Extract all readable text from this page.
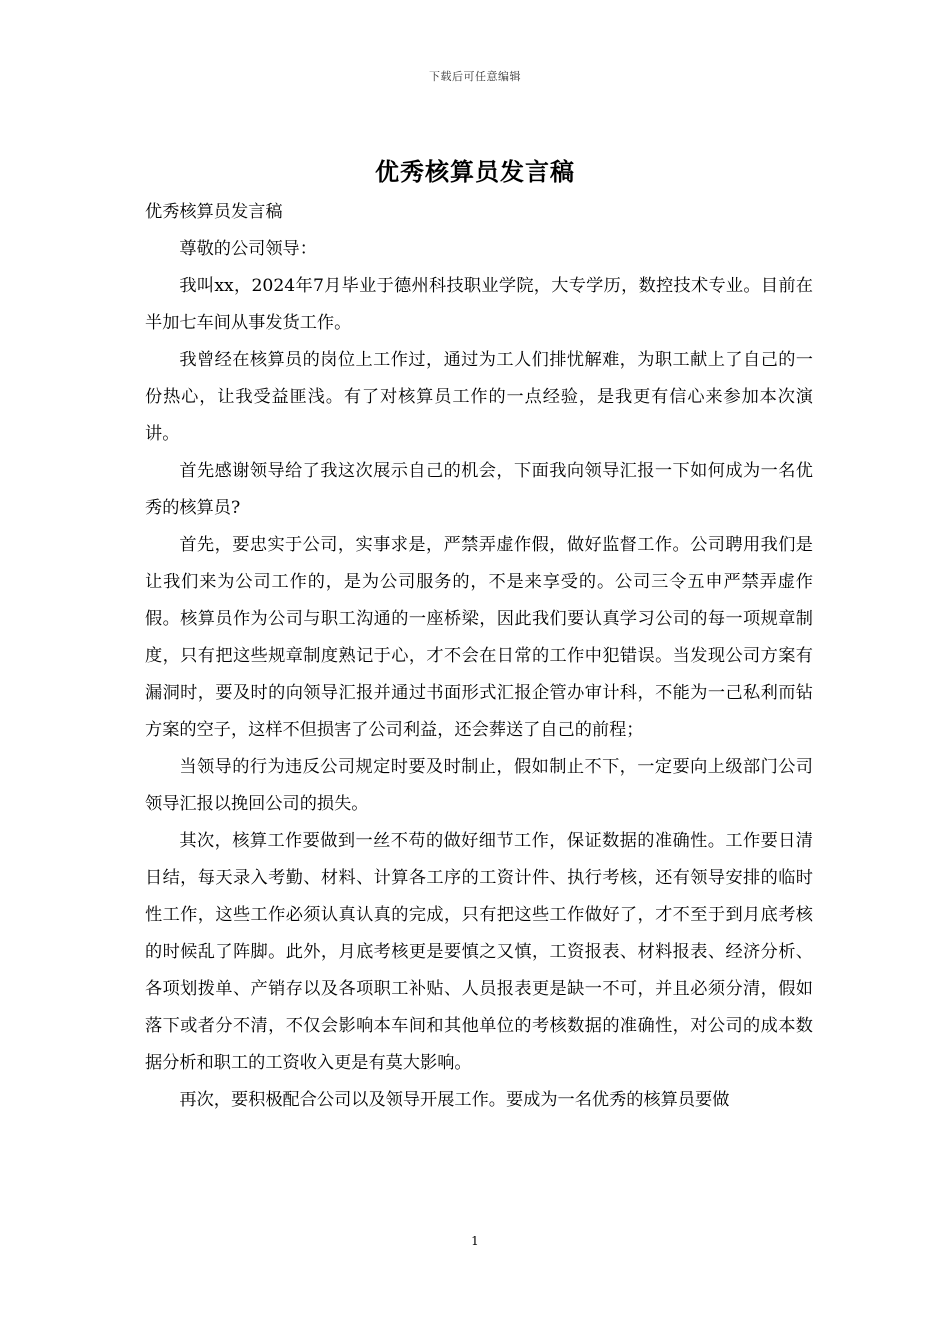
下载后可任意编辑
优秀核算员发言稿

优秀核算员发言稿

尊敬的公司领导：

我叫xx，2024年7月毕业于德州科技职业学院，大专学历，数控技术专业。目前在半加七车间从事发货工作。

我曾经在核算员的岗位上工作过，通过为工人们排忧解难，为职工献上了自己的一份热心，让我受益匪浅。有了对核算员工作的一点经验，是我更有信心来参加本次演讲。

首先感谢领导给了我这次展示自己的机会，下面我向领导汇报一下如何成为一名优秀的核算员?

首先，要忠实于公司，实事求是，严禁弄虚作假，做好监督工作。公司聘用我们是让我们来为公司工作的，是为公司服务的，不是来享受的。公司三令五申严禁弄虚作假。核算员作为公司与职工沟通的一座桥梁，因此我们要认真学习公司的每一项规章制度，只有把这些规章制度熟记于心，才不会在日常的工作中犯错误。当发现公司方案有漏洞时，要及时的向领导汇报并通过书面形式汇报企管办审计科，不能为一己私利而钻方案的空子，这样不但损害了公司利益，还会葬送了自己的前程；

当领导的行为违反公司规定时要及时制止，假如制止不下，一定要向上级部门公司领导汇报以挽回公司的损失。

其次，核算工作要做到一丝不苟的做好细节工作，保证数据的准确性。工作要日清日结，每天录入考勤、材料、计算各工序的工资计件、执行考核，还有领导安排的临时性工作，这些工作必须认真认真的完成，只有把这些工作做好了，才不至于到月底考核的时候乱了阵脚。此外，月底考核更是要慎之又慎，工资报表、材料报表、经济分析、各项划拨单、产销存以及各项职工补贴、人员报表更是缺一不可，并且必须分清，假如落下或者分不清，不仅会影响本车间和其他单位的考核数据的准确性，对公司的成本数据分析和职工的工资收入更是有莫大影响。

再次，要积极配合公司以及领导开展工作。要成为一名优秀的核算员要做

1
